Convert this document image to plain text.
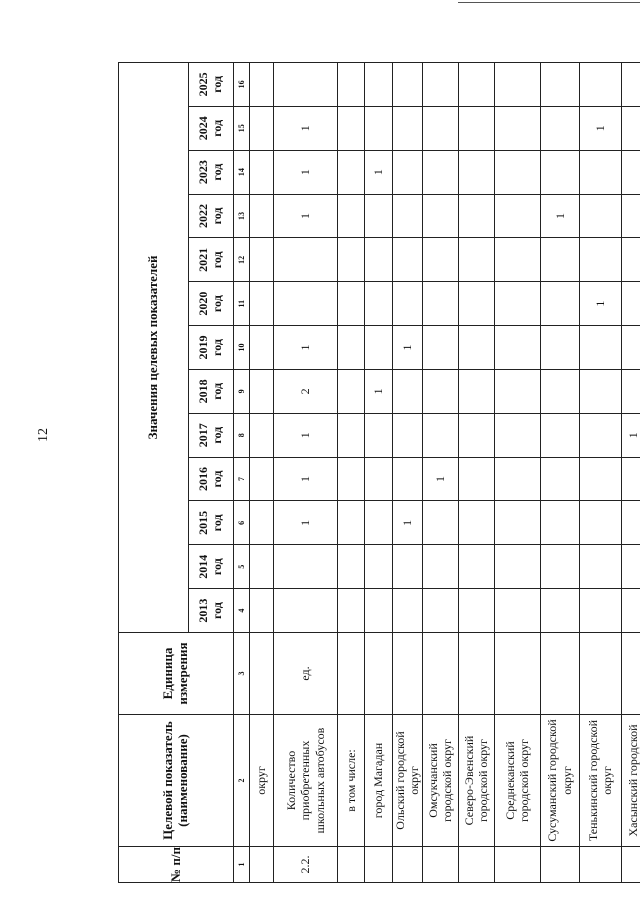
12
№ п/п	Целевой показатель (наименование)	Единица измерения	Значения целевых показателей												
			2013 год	2014 год	2015 год	2016 год	2017 год	2018 год	2019 год	2020 год	2021 год	2022 год	2023 год	2024 год	2025 год
1	2	3	4	5	6	7	8	9	10	11	12	13	14	15	16
	округ														
2.2.	Количество приобретенных школьных автобусов	ед.			1	1	1	2	1			1	1	1	
	в том числе:														
	город Магадан							1					1		
	Ольский городской округ				1				1						
	Омсукчанский городской округ					1									
	Северо-Эвенский городской округ														
	Среднеканский городской округ														
	Сусуманский городской округ											1			
	Тенькинский городской округ									1				1	
	Хасынский городской						1								
